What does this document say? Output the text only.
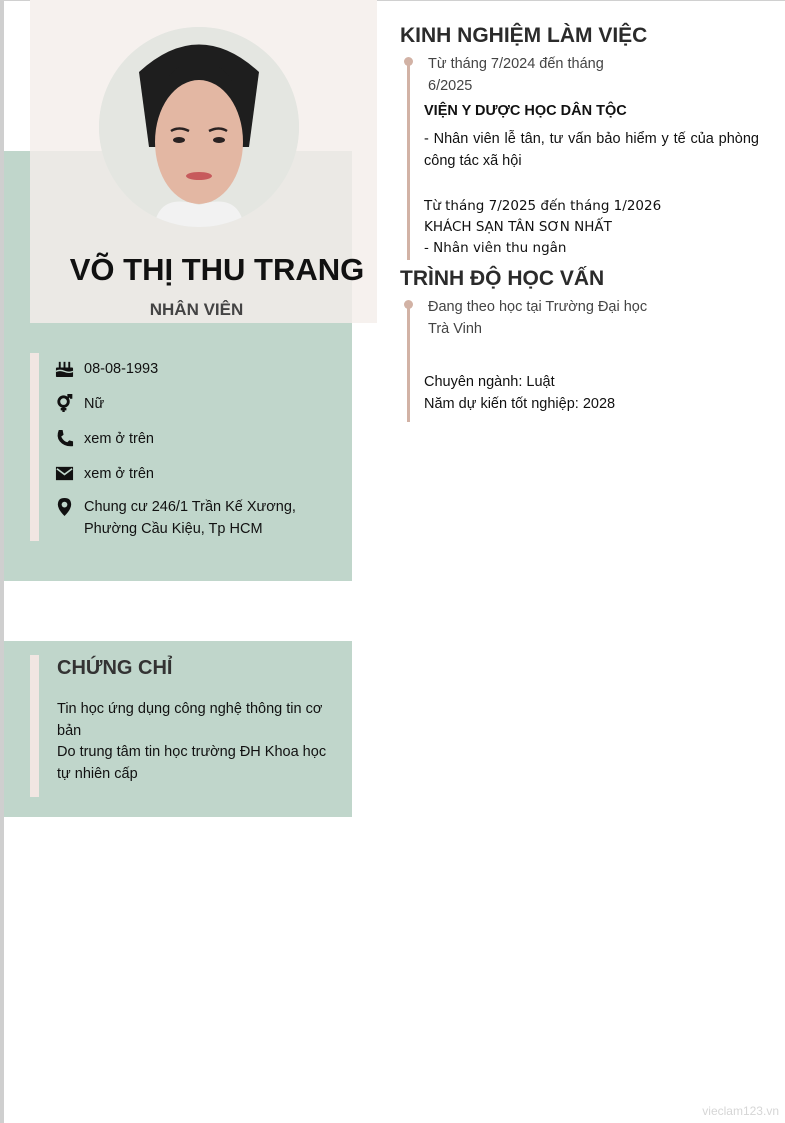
VÕ THỊ THU TRANG
NHÂN VIÊN
08-08-1993
Nữ
xem ở trên
xem ở trên
Chung cư 246/1 Trần Kế Xương, Phường Cầu Kiệu, Tp HCM
CHỨNG CHỈ
Tin học ứng dụng công nghệ thông tin cơ bản
Do trung tâm tin học trường ĐH Khoa học tự nhiên cấp
KINH NGHIỆM LÀM VIỆC
Từ tháng 7/2024 đến tháng 6/2025
VIỆN Y DƯỢC HỌC DÂN TỘC
- Nhân viên lễ tân, tư vấn bảo hiểm y tế của phòng công tác xã hội
Từ tháng 7/2025 đến tháng 1/2026
KHÁCH SẠN TÂN SƠN NHẤT
- Nhân viên thu ngân
TRÌNH ĐỘ HỌC VẤN
Đang theo học tại Trường Đại học Trà Vinh
Chuyên ngành: Luật
Năm dự kiến tốt nghiệp: 2028
vieclam123.vn
